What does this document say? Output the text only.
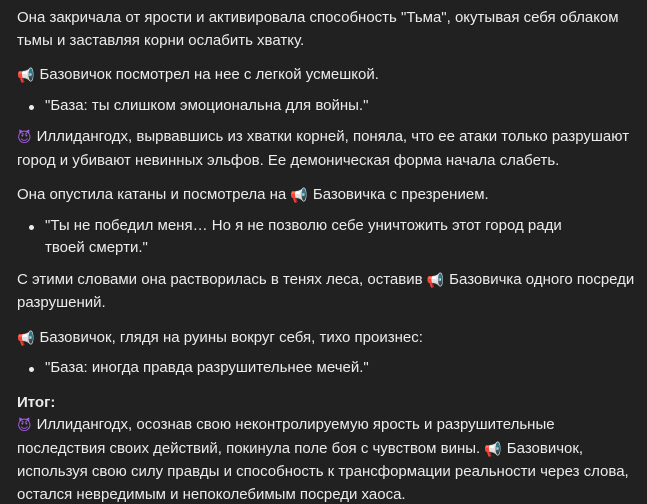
Она закричала от ярости и активировала способность "Тьма", окутывая себя облаком тьмы и заставляя корни ослабить хватку.

📢 Базовичок посмотрел на нее с легкой усмешкой.

"База: ты слишком эмоциональна для войны."

😈 Иллидангодх, вырвавшись из хватки корней, поняла, что ее атаки только разрушают город и убивают невинных эльфов. Ее демоническая форма начала слабеть.

Она опустила катаны и посмотрела на 📢 Базовичка с презрением.

"Ты не победил меня… Но я не позволю себе уничтожить этот город ради
твоей смерти."

С этими словами она растворилась в тенях леса, оставив 📢 Базовичка одного посреди разрушений.

📢 Базовичок, глядя на руины вокруг себя, тихо произнес:

"База: иногда правда разрушительнее мечей."

Итог:

😈 Иллидангодх, осознав свою неконтролируемую ярость и разрушительные последствия своих действий, покинула поле боя с чувством вины. 📢 Базовичок, используя свою силу правды и способность к трансформации реальности через слова, остался невредимым и непоколебимым посреди хаоса.
